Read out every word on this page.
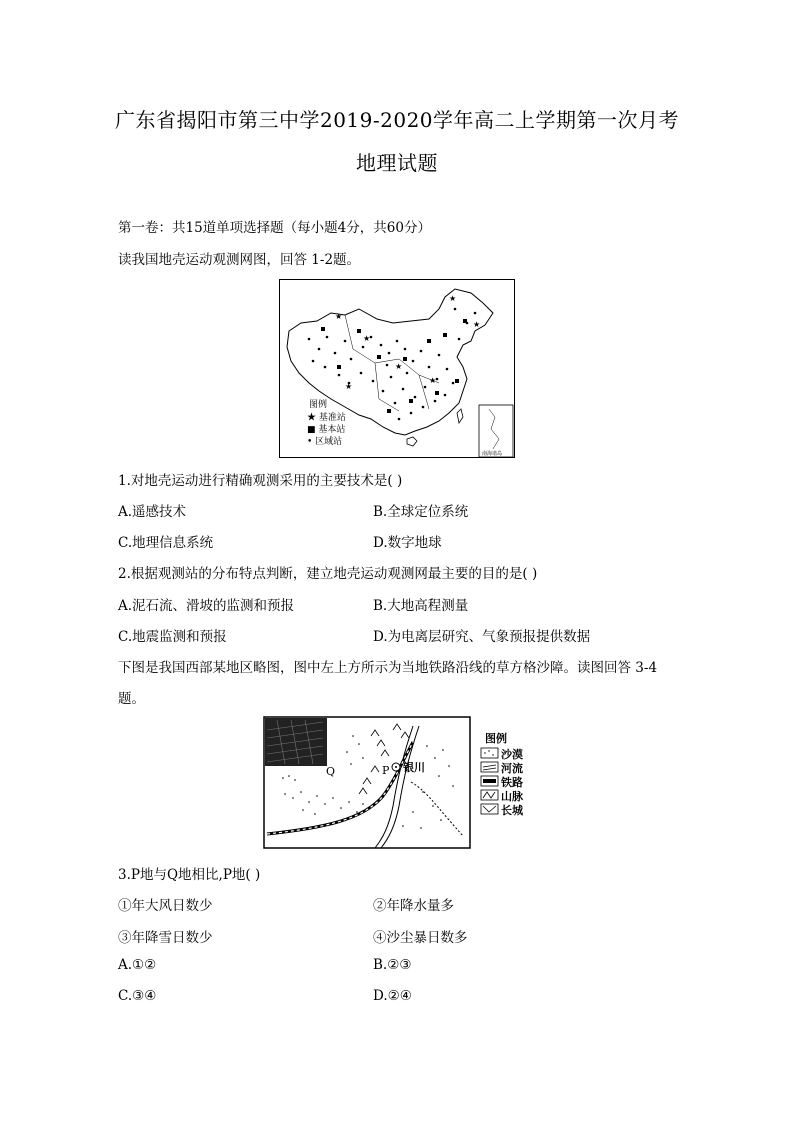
广东省揭阳市第三中学2019-2020学年高二上学期第一次月考
地理试题
第一卷：共15道单项选择题（每小题4分，共60分）
读我国地壳运动观测网图，回答 1-2题。
★
★
★
★
★
★
★
图例
★ 基准站
■ 基本站
• 区域站
南海诸岛
1.对地壳运动进行精确观测采用的主要技术是( )
A.遥感技术	B.全球定位系统
C.地理信息系统	D.数字地球
2.根据观测站的分布特点判断，建立地壳运动观测网最主要的目的是( )
A.泥石流、滑坡的监测和预报	B.大地高程测量
C.地震监测和预报	D.为电离层研究、气象预报提供数据
下图是我国西部某地区略图，图中左上方所示为当地铁路沿线的草方格沙障。读图回答 3-4
题。
Q	P 银川
图例
沙漠
河流
铁路
山脉
长城
3.P地与Q地相比,P地( )
①年大风日数少	②年降水量多
③年降雪日数少	④沙尘暴日数多
A.①②	B.②③
C.③④	D.②④
